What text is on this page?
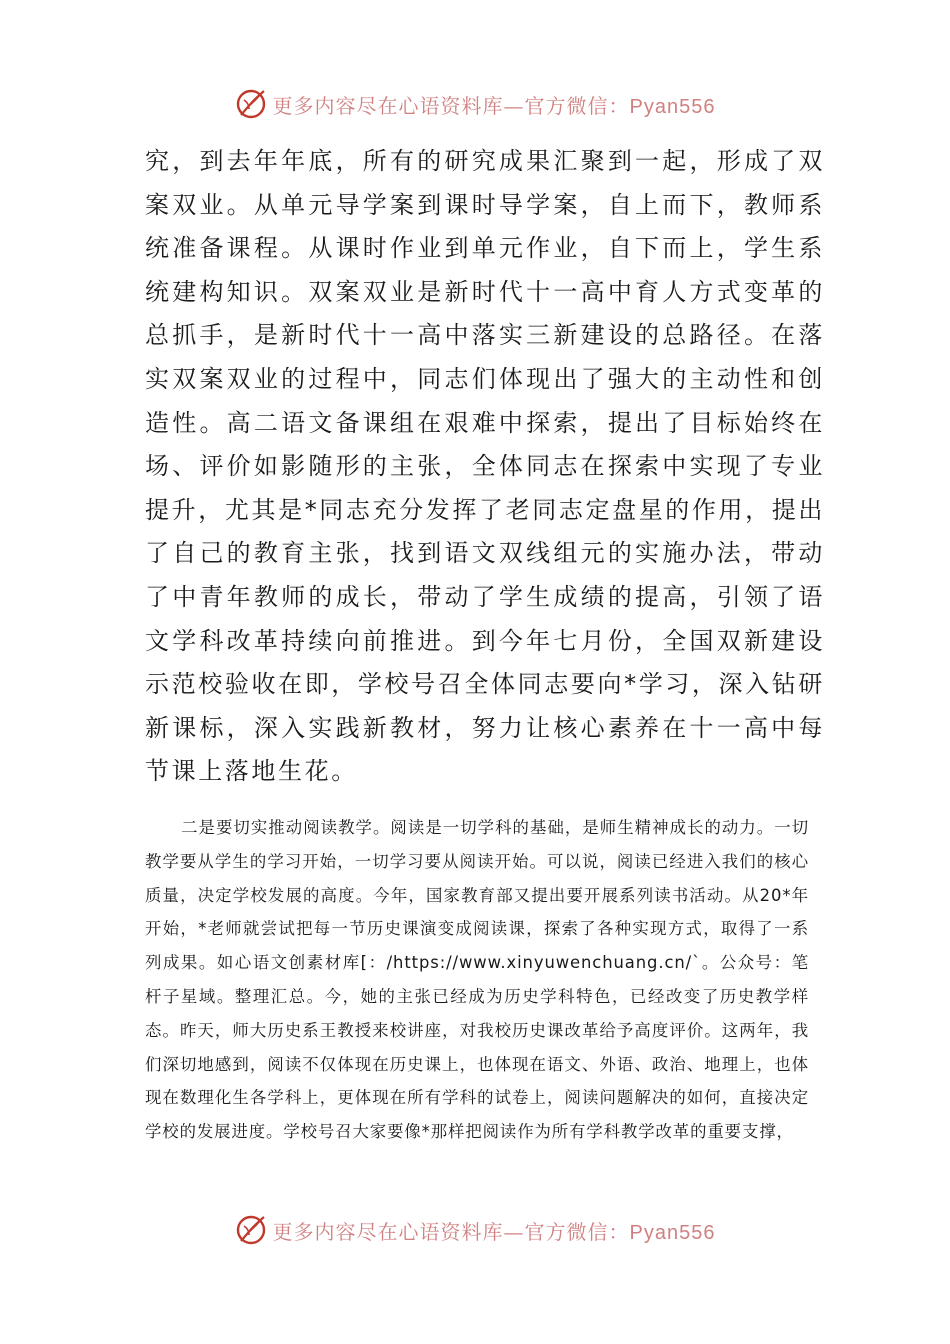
更多内容尽在心语资料库—官方微信：Pyan556

究，到去年年底，所有的研究成果汇聚到一起，形成了双案双业。从单元导学案到课时导学案，自上而下，教师系统准备课程。从课时作业到单元作业，自下而上，学生系统建构知识。双案双业是新时代十一高中育人方式变革的总抓手，是新时代十一高中落实三新建设的总路径。在落实双案双业的过程中，同志们体现出了强大的主动性和创造性。高二语文备课组在艰难中探索，提出了目标始终在场、评价如影随形的主张，全体同志在探索中实现了专业提升，尤其是*同志充分发挥了老同志定盘星的作用，提出了自己的教育主张，找到语文双线组元的实施办法，带动了中青年教师的成长，带动了学生成绩的提高，引领了语文学科改革持续向前推进。到今年七月份，全国双新建设示范校验收在即，学校号召全体同志要向*学习，深入钻研新课标，深入实践新教材，努力让核心素养在十一高中每节课上落地生花。

二是要切实推动阅读教学。阅读是一切学科的基础，是师生精神成长的动力。一切教学要从学生的学习开始，一切学习要从阅读开始。可以说，阅读已经进入我们的核心质量，决定学校发展的高度。今年，国家教育部又提出要开展系列读书活动。从20*年开始，*老师就尝试把每一节历史课演变成阅读课，探索了各种实现方式，取得了一系列成果。如心语文创素材库[：/https://www.xinyuwenchuang.cn/`。公众号：笔杆子星域。整理汇总。今，她的主张已经成为历史学科特色，已经改变了历史教学样态。昨天，师大历史系王教授来校讲座，对我校历史课改革给予高度评价。这两年，我们深切地感到，阅读不仅体现在历史课上，也体现在语文、外语、政治、地理上，也体现在数理化生各学科上，更体现在所有学科的试卷上，阅读问题解决的如何，直接决定学校的发展进度。学校号召大家要像*那样把阅读作为所有学科教学改革的重要支撑，

更多内容尽在心语资料库—官方微信：Pyan556
